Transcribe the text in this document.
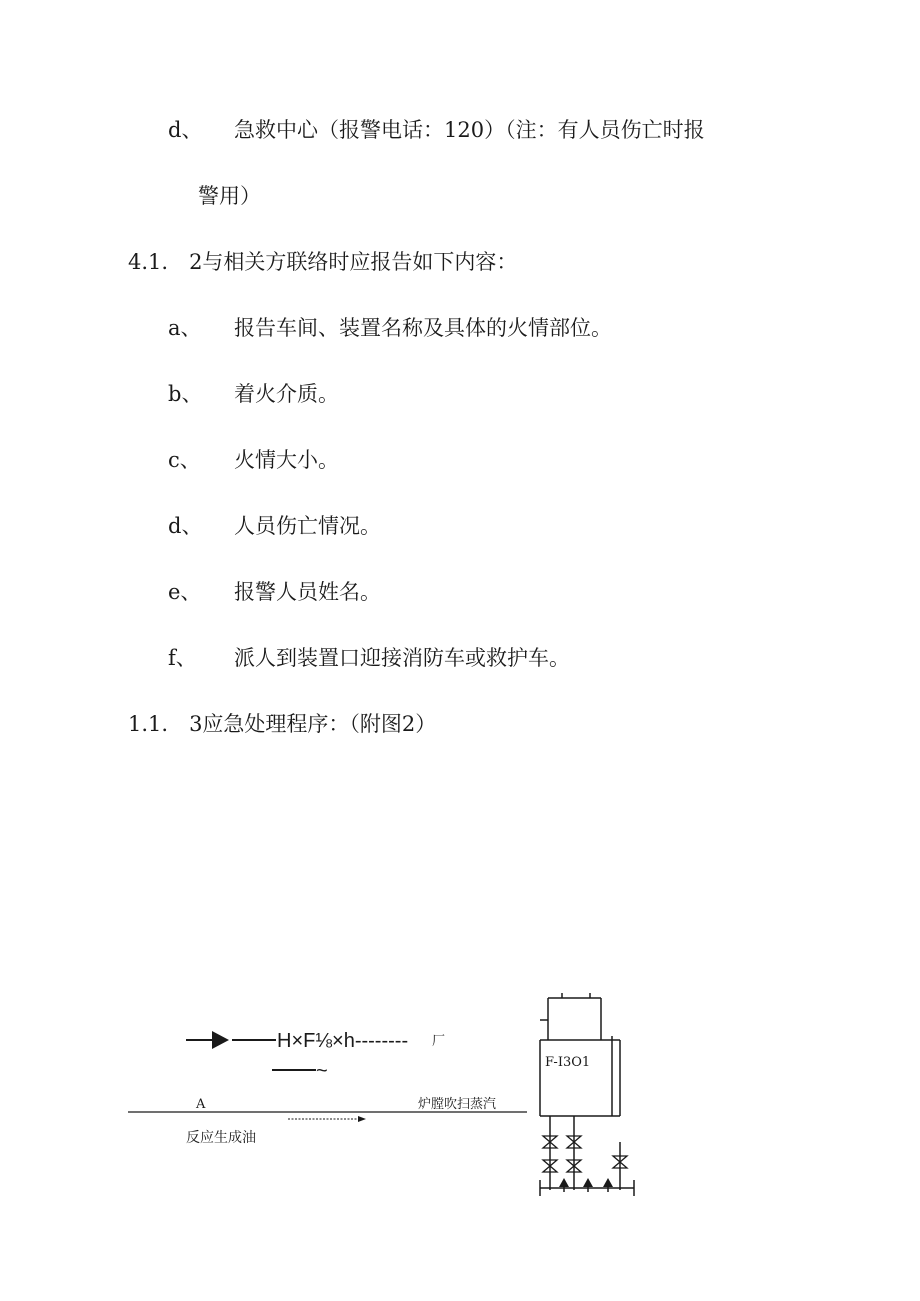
d、 急救中心（报警电话：120）（注：有人员伤亡时报
警用）
4.1.　2与相关方联络时应报告如下内容：
a、 报告车间、装置名称及具体的火情部位。
b、 着火介质。
c、 火情大小。
d、 人员伤亡情况。
e、 报警人员姓名。
f、 派人到装置口迎接消防车或救护车。
1.1.　3应急处理程序：（附图2）
H×F⅛×h-------- 厂
~
A	炉膛吹扫蒸汽
反应生成油
F-I3O1
